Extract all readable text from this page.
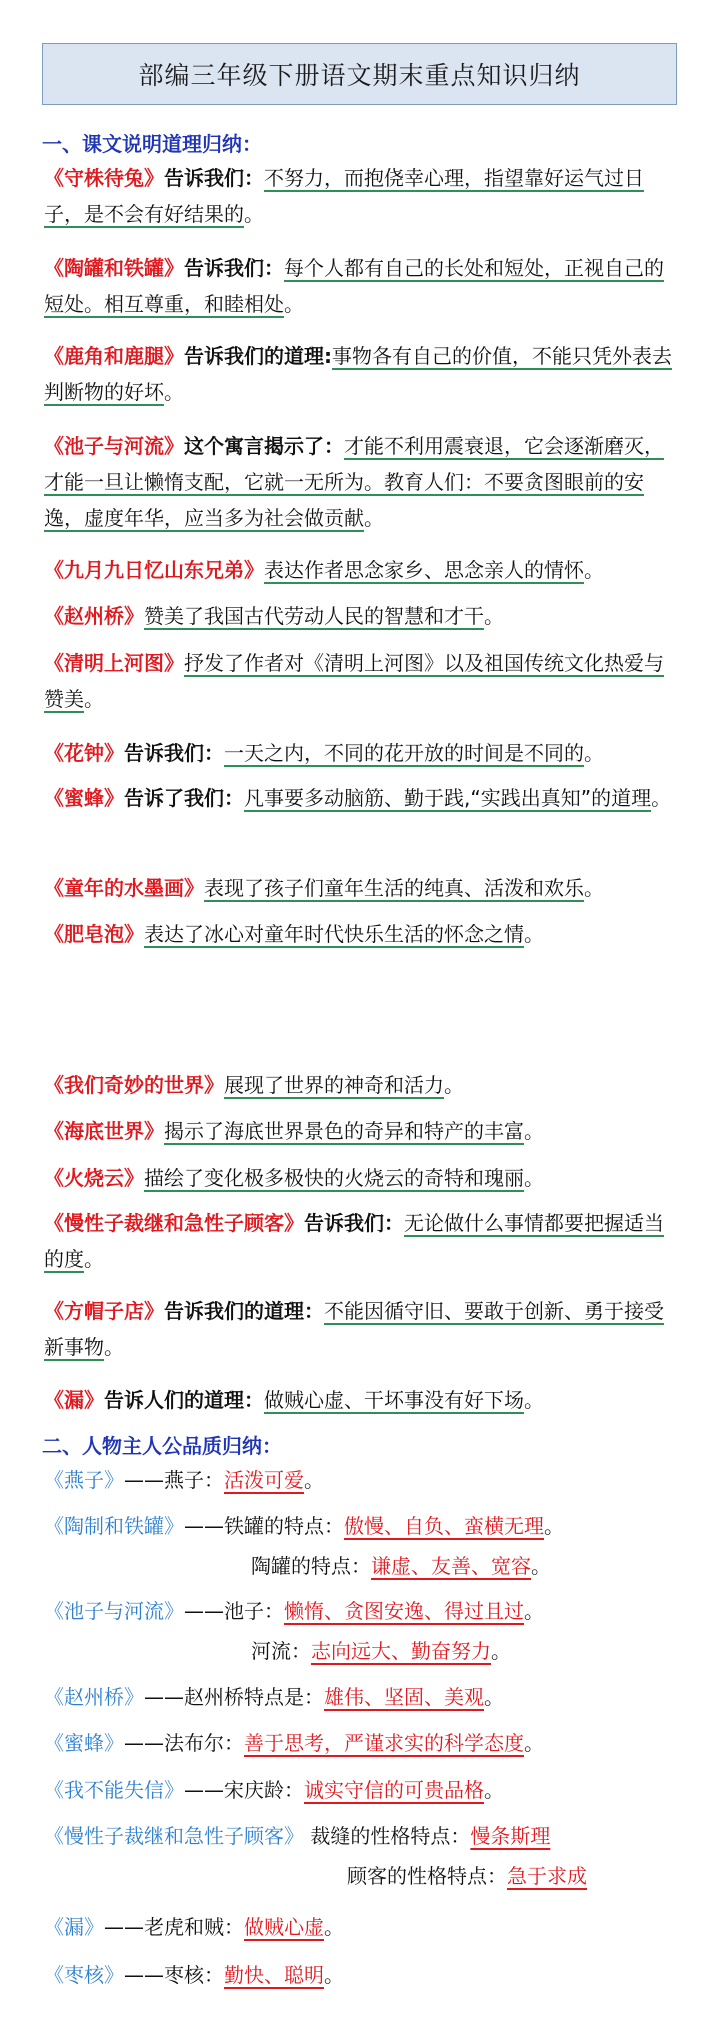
部编三年级下册语文期末重点知识归纳
一、课文说明道理归纳：
《守株待兔》告诉我们：不努力，而抱侥幸心理，指望靠好运气过日子，是不会有好结果的。
《陶罐和铁罐》告诉我们：每个人都有自己的长处和短处，正视自己的短处。相互尊重，和睦相处。
《鹿角和鹿腿》告诉我们的道理:事物各有自己的价值，不能只凭外表去判断物的好坏。
《池子与河流》这个寓言揭示了：才能不利用震衰退，它会逐渐磨灭，才能一旦让懒惰支配，它就一无所为。教育人们：不要贪图眼前的安逸，虚度年华，应当多为社会做贡献。
《九月九日忆山东兄弟》表达作者思念家乡、思念亲人的情怀。
《赵州桥》赞美了我国古代劳动人民的智慧和才干。
《清明上河图》抒发了作者对《清明上河图》以及祖国传统文化热爱与赞美。
《花钟》告诉我们：一天之内，不同的花开放的时间是不同的。
《蜜蜂》告诉了我们：凡事要多动脑筋、勤于践,“实践出真知”的道理。
《童年的水墨画》表现了孩子们童年生活的纯真、活泼和欢乐。
《肥皂泡》表达了冰心对童年时代快乐生活的怀念之情。
《我们奇妙的世界》展现了世界的神奇和活力。
《海底世界》揭示了海底世界景色的奇异和特产的丰富。
《火烧云》描绘了变化极多极快的火烧云的奇特和瑰丽。
《慢性子裁继和急性子顾客》告诉我们：无论做什么事情都要把握适当的度。
《方帽子店》告诉我们的道理：不能因循守旧、要敢于创新、勇于接受新事物。
《漏》告诉人们的道理：做贼心虚、干坏事没有好下场。
二、人物主人公品质归纳：
《燕子》——燕子：活泼可爱。
《陶制和铁罐》——铁罐的特点：傲慢、自负、蛮横无理。
陶罐的特点：谦虚、友善、宽容。
《池子与河流》——池子：懒惰、贪图安逸、得过且过。
河流：志向远大、勤奋努力。
《赵州桥》——赵州桥特点是：雄伟、坚固、美观。
《蜜蜂》——法布尔：善于思考，严谨求实的科学态度。
《我不能失信》——宋庆龄：诚实守信的可贵品格。
《慢性子裁继和急性子顾客》 裁缝的性格特点：慢条斯理
顾客的性格特点：急于求成
《漏》——老虎和贼：做贼心虚。
《枣核》——枣核：勤快、聪明。
